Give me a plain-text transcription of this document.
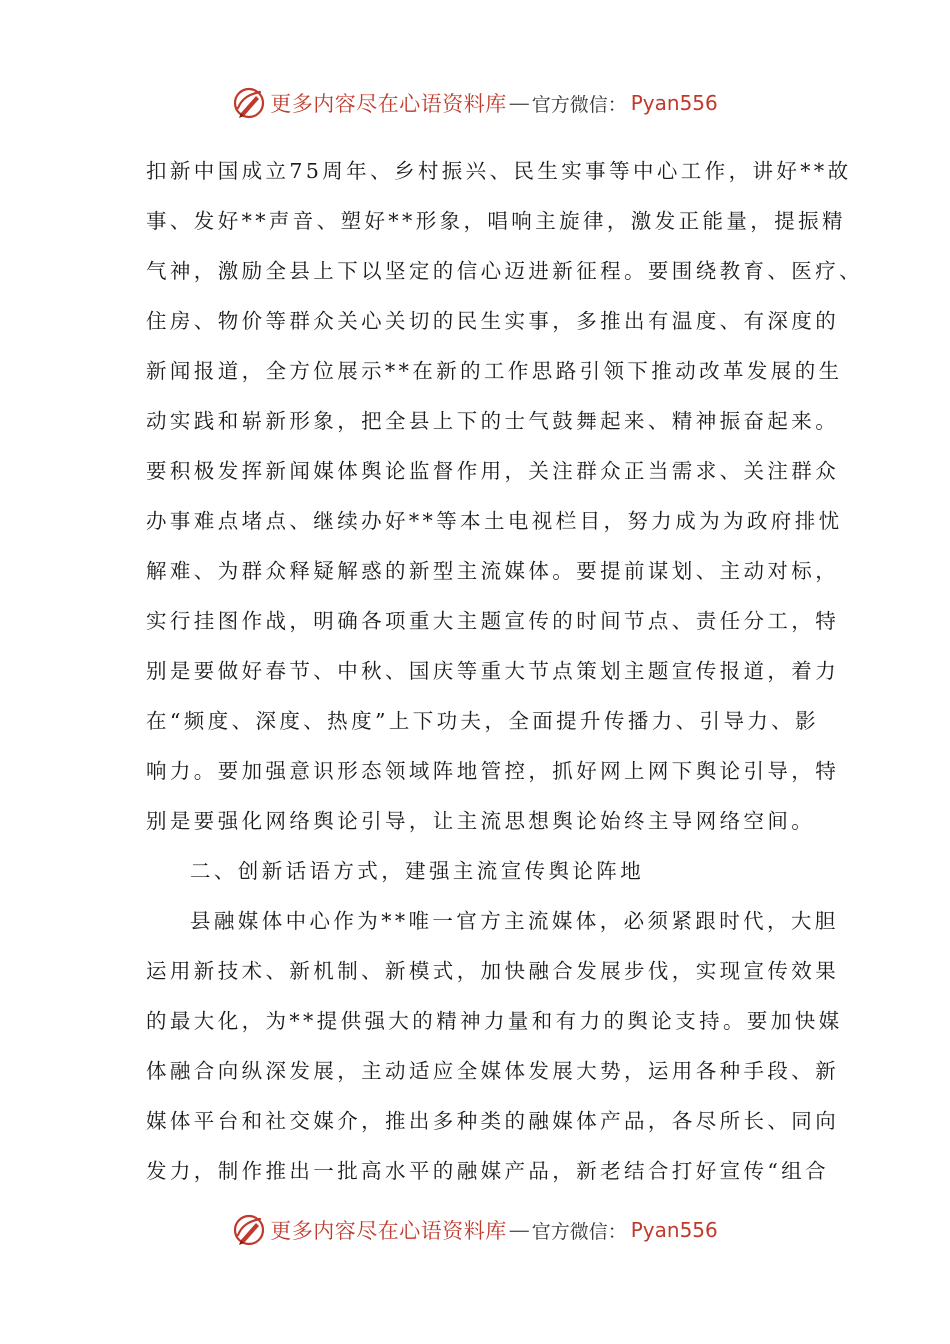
更多内容尽在心语资料库 — 官方微信： Pyan556
扣新中国成立75周年、乡村振兴、民生实事等中心工作，讲好**故
事、发好**声音、塑好**形象，唱响主旋律，激发正能量，提振精
气神，激励全县上下以坚定的信心迈进新征程。要围绕教育、医疗、
住房、物价等群众关心关切的民生实事，多推出有温度、有深度的
新闻报道，全方位展示**在新的工作思路引领下推动改革发展的生
动实践和崭新形象，把全县上下的士气鼓舞起来、精神振奋起来。
要积极发挥新闻媒体舆论监督作用，关注群众正当需求、关注群众
办事难点堵点、继续办好**等本土电视栏目，努力成为为政府排忧
解难、为群众释疑解惑的新型主流媒体。要提前谋划、主动对标，
实行挂图作战，明确各项重大主题宣传的时间节点、责任分工，特
别是要做好春节、中秋、国庆等重大节点策划主题宣传报道，着力
在“频度、深度、热度”上下功夫，全面提升传播力、引导力、影
响力。要加强意识形态领域阵地管控，抓好网上网下舆论引导，特
别是要强化网络舆论引导，让主流思想舆论始终主导网络空间。
二、创新话语方式，建强主流宣传舆论阵地
县融媒体中心作为**唯一官方主流媒体，必须紧跟时代，大胆
运用新技术、新机制、新模式，加快融合发展步伐，实现宣传效果
的最大化，为**提供强大的精神力量和有力的舆论支持。要加快媒
体融合向纵深发展，主动适应全媒体发展大势，运用各种手段、新
媒体平台和社交媒介，推出多种类的融媒体产品，各尽所长、同向
发力，制作推出一批高水平的融媒产品，新老结合打好宣传“组合
更多内容尽在心语资料库 — 官方微信： Pyan556
